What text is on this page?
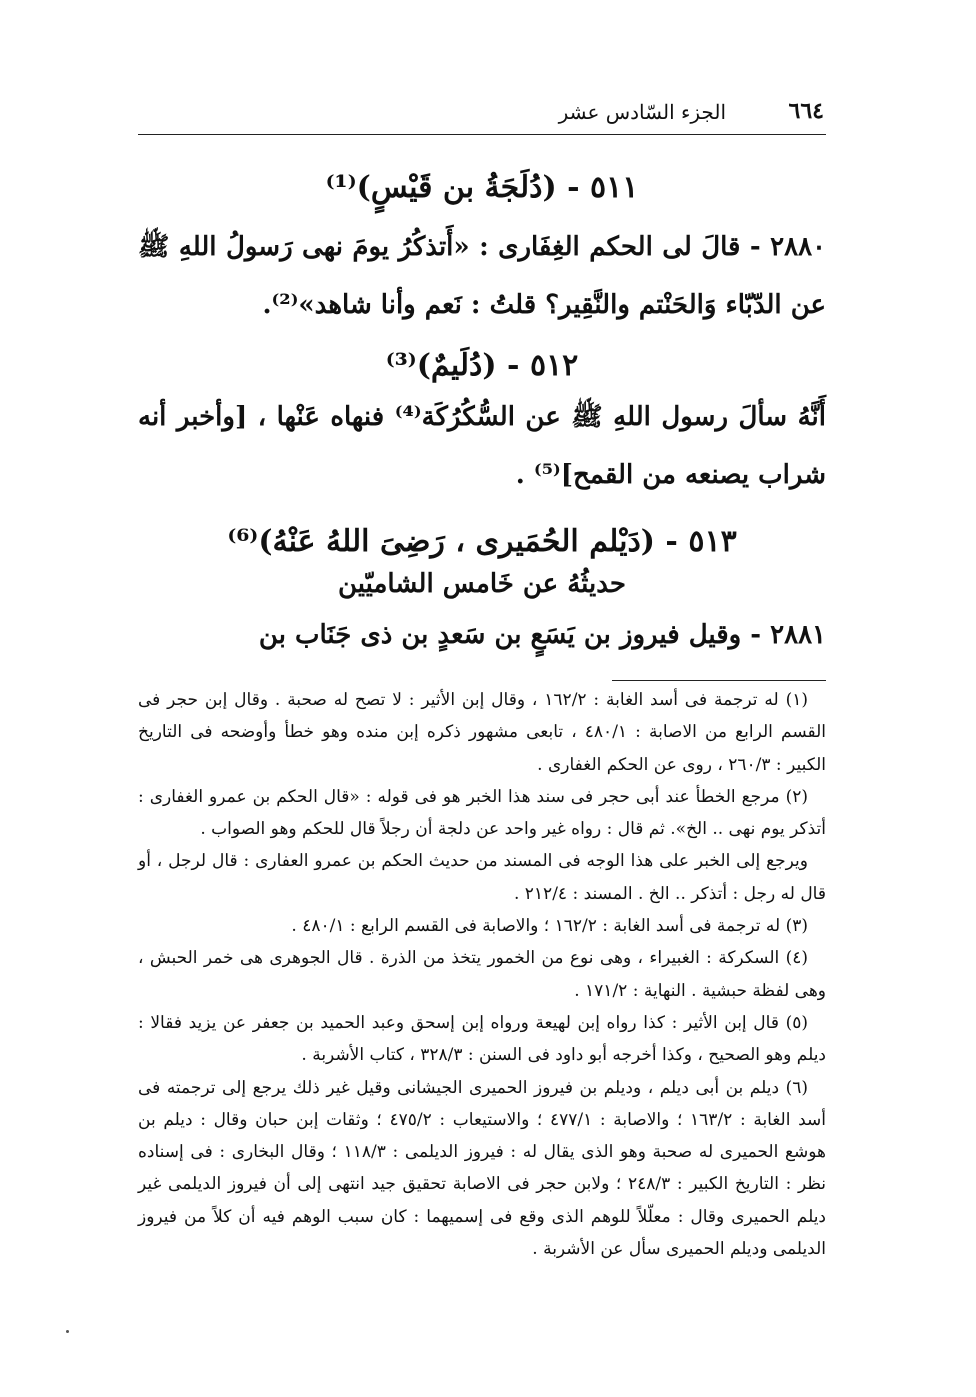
٦٦٤
الجزء السّادس عشر
٥١١ - (دُلَجَةُ بن قَيْسٍ)⁽¹⁾
٢٨٨٠ - قالَ لى الحكم الغِفَارى : «أَتذكُرُ يومَ نهى رَسولُ اللهِ ﷺ عن الدّبّاء وَالحَنْتم والنَّقِير؟ قلتُ : نَعم وأنا شاهد»⁽²⁾.
٥١٢ - (دُلَيمٌ)⁽³⁾
أَنَّهُ سألَ رسول اللهِ ﷺ عن السُّكُرُكَة⁽⁴⁾ فنهاه عَنْها ، [وأخبر أنه شراب يصنعه من القمح]⁽⁵⁾ .
٥١٣ - (دَيْلم الحُمَيرى ، رَضِىَ اللهُ عَنْهُ)⁽⁶⁾
حديثُهُ عن خَامس الشاميّين
٢٨٨١ - وقيل فيروز بن يَسَعٍ بن سَعدٍ بن ذى جَنَاب بن

(١) له ترجمة فى أسد الغابة : ١٦٢/٢ ، وقال إبن الأثير : لا تصح له صحبة . وقال إبن حجر فى القسم الرابع من الاصابة : ٤٨٠/١ ، تابعى مشهور ذكره إبن منده وهو خطأ وأوضحه فى التاريخ الكبير : ٢٦٠/٣ ، روى عن الحكم الغفارى .

(٢) مرجع الخطأ عند أبى حجر فى سند هذا الخبر هو فى قوله : «قال الحكم بن عمرو الغفارى : أتذكر يوم نهى .. الخ». ثم قال : رواه غير واحد عن دلجة أن رجلاً قال للحكم وهو الصواب .

ويرجع إلى الخبر على هذا الوجه فى المسند من حديث الحكم بن عمرو العفارى : قال لرجل ، أو قال له رجل : أتذكر .. الخ . المسند : ٢١٢/٤ .

(٣) له ترجمة فى أسد الغابة : ١٦٢/٢ ؛ والاصابة فى القسم الرابع : ٤٨٠/١ .

(٤) السكركة : الغبيراء ، وهى نوع من الخمور يتخذ من الذرة . قال الجوهرى هى خمر الحبش ، وهى لفظة حبشية . النهاية : ١٧١/٢ .

(٥) قال إبن الأثير : كذا رواه إبن لهيعة ورواه إبن إسحق وعبد الحميد بن جعفر عن يزيد فقالا : ديلم وهو الصحيح ، وكذا أخرجه أبو داود فى السنن : ٣٢٨/٣ ، كتاب الأشربة .

(٦) ديلم بن أبى ديلم ، وديلم بن فيروز الحميرى الجيشانى وقيل غير ذلك يرجع إلى ترجمته فى أسد الغابة : ١٦٣/٢ ؛ والاصابة : ٤٧٧/١ ؛ والاستيعاب : ٤٧٥/٢ ؛ وثقات إبن حبان وقال : ديلم بن هوشع الحميرى له صحبة وهو الذى يقال له : فيروز الديلمى : ١١٨/٣ ؛ وقال البخارى : فى إسناده نظر : التاريخ الكبير : ٢٤٨/٣ ؛ ولابن حجر فى الاصابة تحقيق جيد انتهى إلى أن فيروز الديلمى غير ديلم الحميرى وقال : معلّلاً للوهم الذى وقع فى إسميهما : كان سبب الوهم فيه أن كلاً من فيروز الديلمى وديلم الحميرى سأل عن الأشربة .
